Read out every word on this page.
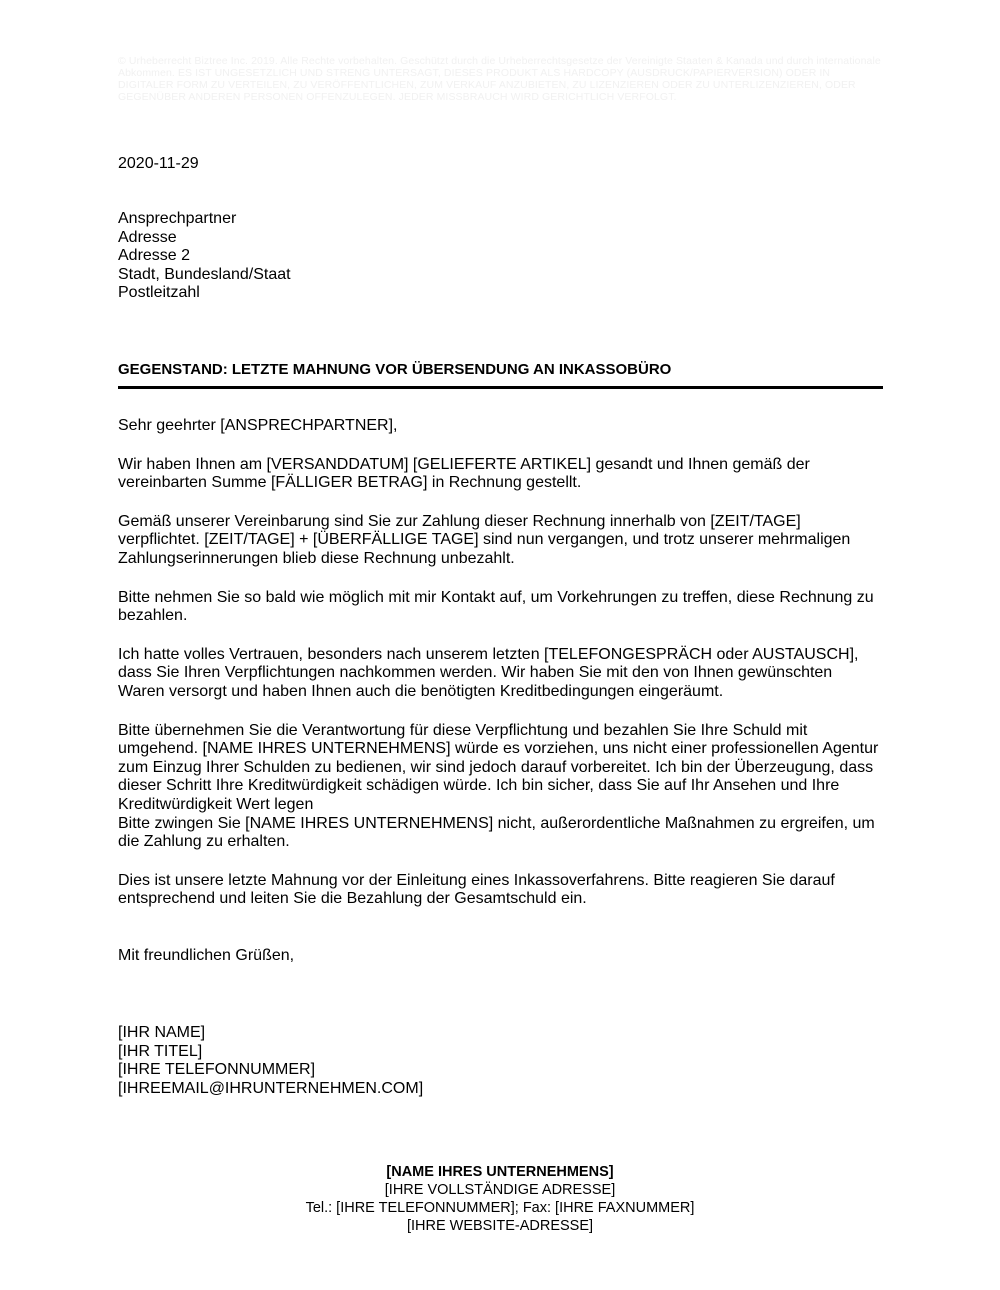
© Urheberrecht Biztree Inc. 2019. Alle Rechte vorbehalten. Geschützt durch die Urheberrechtsgesetze der Vereinigte Staaten & Kanada und durch internationale Abkommen. ES IST UNGESETZLICH UND STRENG UNTERSAGT, DIESES PRODUKT ALS HARDCOPY (AUSDRUCK/PAPIERVERSION) ODER IN DIGITALER FORM ZU VERTEILEN, ZU VERÖFFENTLICHEN, ZUM VERKAUF ANZUBIETEN, ZU LIZENZIEREN ODER ZU UNTERLIZENZIEREN, ODER GEGENÜBER ANDEREN PERSONEN OFFENZULEGEN. JEDER MISSBRAUCH WIRD GERICHTLICH VERFOLGT.
2020-11-29
Ansprechpartner
Adresse
Adresse 2
Stadt, Bundesland/Staat
Postleitzahl
GEGENSTAND: LETZTE MAHNUNG VOR ÜBERSENDUNG AN INKASSOBÜRO

Sehr geehrter [ANSPRECHPARTNER],

Wir haben Ihnen am [VERSANDDATUM] [GELIEFERTE ARTIKEL] gesandt und Ihnen gemäß der vereinbarten Summe [FÄLLIGER BETRAG] in Rechnung gestellt.

Gemäß unserer Vereinbarung sind Sie zur Zahlung dieser Rechnung innerhalb von [ZEIT/TAGE] verpflichtet. [ZEIT/TAGE] + [ÜBERFÄLLIGE TAGE] sind nun vergangen, und trotz unserer mehrmaligen Zahlungserinnerungen blieb diese Rechnung unbezahlt.

Bitte nehmen Sie so bald wie möglich mit mir Kontakt auf, um Vorkehrungen zu treffen, diese Rechnung zu bezahlen.

Ich hatte volles Vertrauen, besonders nach unserem letzten [TELEFONGESPRÄCH oder AUSTAUSCH], dass Sie Ihren Verpflichtungen nachkommen werden. Wir haben Sie mit den von Ihnen gewünschten Waren versorgt und haben Ihnen auch die benötigten Kreditbedingungen eingeräumt.

Bitte übernehmen Sie die Verantwortung für diese Verpflichtung und bezahlen Sie Ihre Schuld mit umgehend. [NAME IHRES UNTERNEHMENS] würde es vorziehen, uns nicht einer professionellen Agentur zum Einzug Ihrer Schulden zu bedienen, wir sind jedoch darauf vorbereitet. Ich bin der Überzeugung, dass dieser Schritt Ihre Kreditwürdigkeit schädigen würde. Ich bin sicher, dass Sie auf Ihr Ansehen und Ihre Kreditwürdigkeit Wert legen
Bitte zwingen Sie [NAME IHRES UNTERNEHMENS] nicht, außerordentliche Maßnahmen zu ergreifen, um die Zahlung zu erhalten.

Dies ist unsere letzte Mahnung vor der Einleitung eines Inkassoverfahrens. Bitte reagieren Sie darauf entsprechend und leiten Sie die Bezahlung der Gesamtschuld ein.

Mit freundlichen Grüßen,

[IHR NAME]
[IHR TITEL]
[IHRE TELEFONNUMMER]
[IHREEMAIL@IHRUNTERNEHMEN.COM]
[NAME IHRES UNTERNEHMENS]
[IHRE VOLLSTÄNDIGE ADRESSE]
Tel.: [IHRE TELEFONNUMMER]; Fax: [IHRE FAXNUMMER]
[IHRE WEBSITE-ADRESSE]
